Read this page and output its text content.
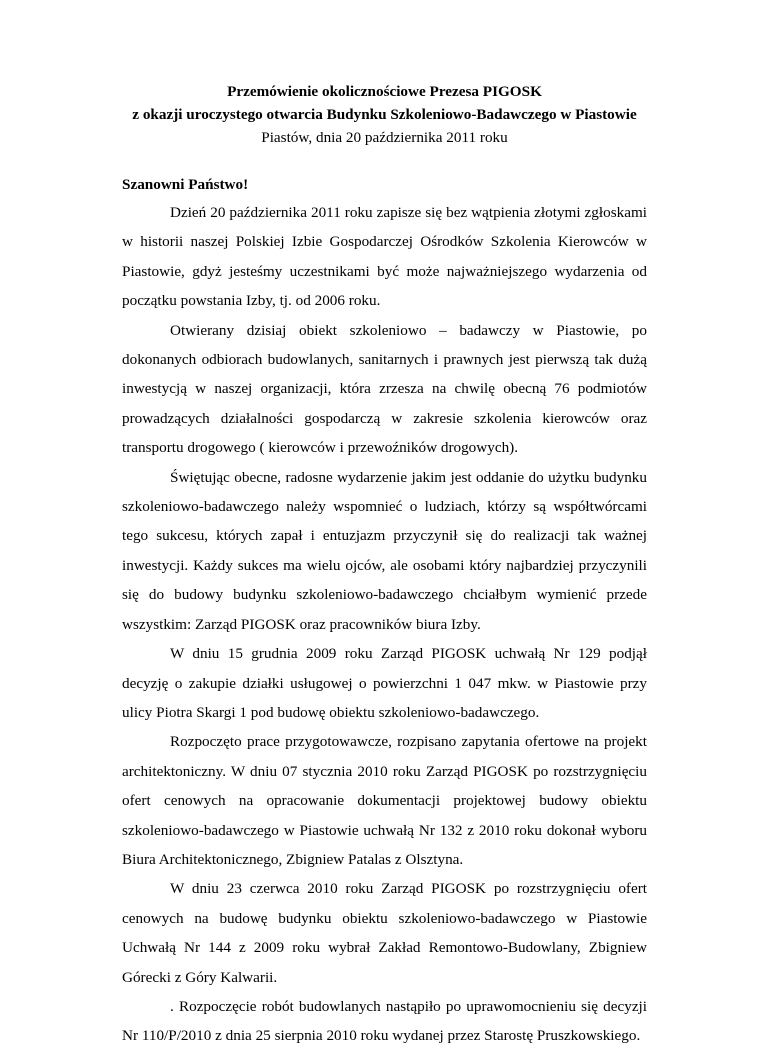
Przemówienie okolicznościowe Prezesa PIGOSK
z okazji uroczystego otwarcia Budynku Szkoleniowo-Badawczego w Piastowie
Piastów, dnia 20 października 2011 roku
Szanowni Państwo!

Dzień 20 października 2011 roku zapisze się bez wątpienia złotymi zgłoskami w historii naszej Polskiej Izbie Gospodarczej Ośrodków Szkolenia Kierowców w Piastowie, gdyż jesteśmy uczestnikami być może najważniejszego wydarzenia od początku powstania Izby, tj. od 2006 roku.

Otwierany dzisiaj obiekt szkoleniowo – badawczy w Piastowie, po dokonanych odbiorach budowlanych, sanitarnych i prawnych jest pierwszą tak dużą inwestycją w naszej organizacji, która zrzesza na chwilę obecną 76 podmiotów prowadzących działalności gospodarczą w zakresie szkolenia kierowców oraz transportu drogowego ( kierowców i przewoźników drogowych).

Świętując obecne, radosne wydarzenie jakim jest oddanie do użytku budynku szkoleniowo-badawczego należy wspomnieć o ludziach, którzy są współtwórcami tego sukcesu, których zapał i entuzjazm przyczynił się do realizacji tak ważnej inwestycji. Każdy sukces ma wielu ojców, ale osobami który najbardziej przyczynili się do budowy budynku szkoleniowo-badawczego chciałbym wymienić przede wszystkim: Zarząd PIGOSK oraz pracowników biura Izby.

W dniu 15 grudnia 2009 roku Zarząd PIGOSK uchwałą Nr 129 podjął decyzję o zakupie działki usługowej o powierzchni 1 047 mkw. w Piastowie przy ulicy Piotra Skargi 1 pod budowę obiektu szkoleniowo-badawczego.

Rozpoczęto prace przygotowawcze, rozpisano zapytania ofertowe na projekt architektoniczny. W dniu 07 stycznia 2010 roku Zarząd PIGOSK po rozstrzygnięciu ofert cenowych na opracowanie dokumentacji projektowej budowy obiektu szkoleniowo-badawczego w Piastowie uchwałą Nr 132 z 2010 roku dokonał wyboru Biura Architektonicznego, Zbigniew Patalas z Olsztyna.

W dniu 23 czerwca 2010 roku Zarząd PIGOSK po rozstrzygnięciu ofert cenowych na budowę budynku obiektu szkoleniowo-badawczego w Piastowie Uchwałą Nr 144 z 2009 roku wybrał Zakład Remontowo-Budowlany, Zbigniew Górecki z Góry Kalwarii.

. Rozpoczęcie robót budowlanych nastąpiło po uprawomocnieniu się decyzji Nr 110/P/2010 z dnia 25 sierpnia 2010 roku wydanej przez Starostę Pruszkowskiego.
